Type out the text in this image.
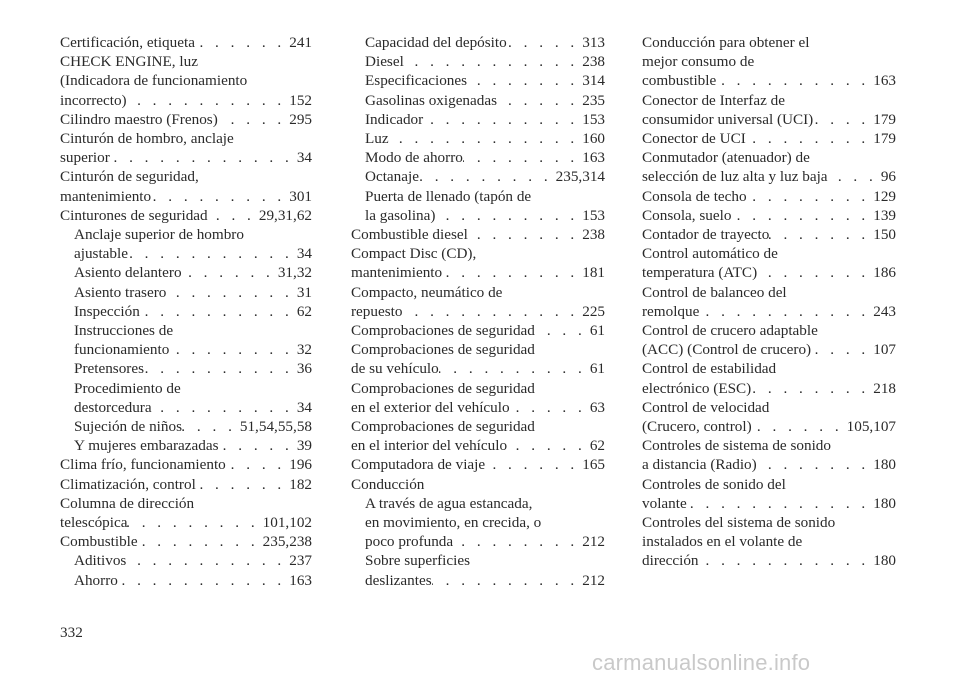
Certificación, etiqueta . . .	241
CHECK ENGINE, luz
(Indicadora de funcionamiento
incorrecto) . . .	152
Cilindro maestro (Frenos) . . .	295
Cinturón de hombro, anclaje
superior . . .	34
Cinturón de seguridad,
mantenimiento . . .	301
Cinturones de seguridad . . .	29,31,62
Anclaje superior de hombro
ajustable . . .	34
Asiento delantero . . .	31,32
Asiento trasero . . .	31
Inspección . . .	62
Instrucciones de
funcionamiento . . .	32
Pretensores . . .	36
Procedimiento de
destorcedura . . .	34
Sujeción de niños . . .	51,54,55,58
Y mujeres embarazadas . . .	39
Clima frío, funcionamiento . . .	196
Climatización, control . . .	182
Columna de dirección
telescópica . . .	101,102
Combustible . . .	235,238
Aditivos . . .	237
Ahorro . . .	163
Capacidad del depósito . . .	313
Diesel . . .	238
Especificaciones . . .	314
Gasolinas oxigenadas . . .	235
Indicador . . .	153
Luz . . .	160
Modo de ahorro . . .	163
Octanaje . . .	235,314
Puerta de llenado (tapón de
la gasolina) . . .	153
Combustible diesel . . .	238
Compact Disc (CD),
mantenimiento . . .	181
Compacto, neumático de
repuesto . . .	225
Comprobaciones de seguridad . . .	61
Comprobaciones de seguridad
de su vehículo . . .	61
Comprobaciones de seguridad
en el exterior del vehículo . . .	63
Comprobaciones de seguridad
en el interior del vehículo . . .	62
Computadora de viaje . . .	165
Conducción
A través de agua estancada,
en movimiento, en crecida, o
poco profunda . . .	212
Sobre superficies
deslizantes . . .	212
Conducción para obtener el
mejor consumo de
combustible . . .	163
Conector de Interfaz de
consumidor universal (UCI) . . .	179
Conector de UCI . . .	179
Conmutador (atenuador) de
selección de luz alta y luz baja . . .	96
Consola de techo . . .	129
Consola, suelo . . .	139
Contador de trayecto . . .	150
Control automático de
temperatura (ATC) . . .	186
Control de balanceo del
remolque . . .	243
Control de crucero adaptable
(ACC) (Control de crucero) . . .	107
Control de estabilidad
electrónico (ESC) . . .	218
Control de velocidad
(Crucero, control) . . .	105,107
Controles de sistema de sonido
a distancia (Radio) . . .	180
Controles de sonido del
volante . . .	180
Controles del sistema de sonido
instalados en el volante de
dirección . . .	180
332
carmanualsonline.info
